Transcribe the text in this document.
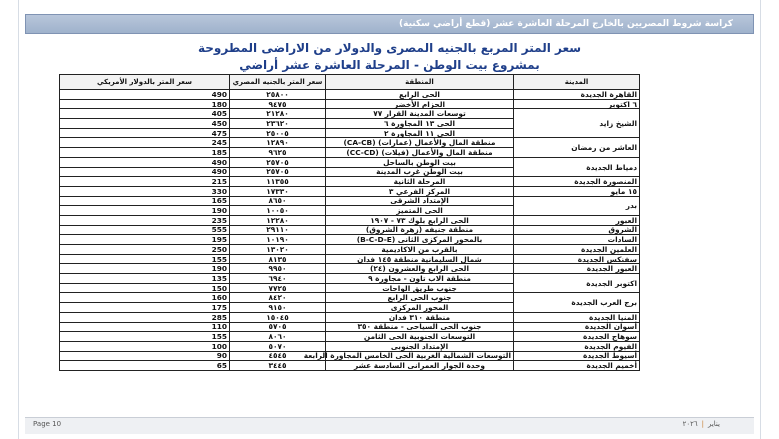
كراسة شروط المصريين بالخارج المرحلة العاشرة عشر (قطع أراضي سكنية)
سعر المتر المربع بالجنيه المصرى والدولار من الاراضى المطروحة
بمشروع بيت الوطن - المرحلة العاشرة عشر أراضي
المدينة	المنطقة	سعر المتر بالجنيه المصري	سعر المتر بالدولار الأمريكي
القاهرة الجديدة	الحى الرابع	٢٥٨٠٠	490
٦ اكتوبر	الحزام الأخضر	٩٤٧٥	180
الشيخ زايد	توسعات المدينة القرار ٧٧	٢١٢٨٠	405
	الحى ١٣ المجاورة ٦	٢٣٦٢٠	450
	الحى ١١ المجاورة ٢	٢٥٠٠٥	475
العاشر من رمضان	منطقة المال والأعمال (عمارات) (CA-CB)	١٢٨٩٠	245
	منطقة المال والأعمال (فيلات) (CC-CD)	٩٦٢٥	185
دمياط الجديدة	بيت الوطن بالساحل	٢٥٧٠٥	490
	بيت الوطن غرب المدينة	٢٥٧٠٥	490
المنصورة الجديدة	المرحلة الثانية	١١٣٥٥	215
١٥ مايو	المركز الفرعي ٣	١٧٣٣٠	330
بدر	الإمتداد الشرقى	٨٦٥٠	165
	الحى المتميز	١٠٠٥٠	190
العبور	الحى الرابع بلوك ٧٣ - ١٩٠٧	١٢٢٨٠	235
الشروق	منطقة جنيفه (زهرة الشروق)	٢٩١١٠	555
السادات	بالمحور المركزى الثانى (B-C-D-E)	١٠١٩٠	195
العلمين الجديدة	بالقرب من الاكاديمية	١٣٠٢٠	250
سفنكس الجديدة	شمال السليمانية منطقة ١٤٥ فدان	٨١٣٥	155
العبور الجديدة	الحى الرابع والعشرون (٢٤)	٩٩٥٠	190
اكتوبر الجديدة	منطقة الاب تاون - مجاورة ٩	٦٩٤٠	135
	جنوب طريق الواحات	٧٧٢٥	150
برج العرب الجديدة	جنوب الحى الرابع	٨٤٢٠	160
	المحور المركزى	٩١٥٠	175
المنيا الجديدة	منطقة ٣١٠ فدان	١٥٠٤٥	285
أسوان الجديدة	جنوب الحى السياحى - منطقة ٣٥٠	٥٧٠٥	110
سوهاج الجديدة	التوسعات الجنوبية الحى الثامن	٨٠٦٠	155
الفيوم الجديدة	الإمتداد الجنوبى	٥٠٧٠	100
أسيوط الجديدة	التوسعات الشمالية الغربية الحى الخامس المجاورة الرابعة	٤٥٤٥	90
أخميم الجديدة	وحدة الجوار العمرانى السادسة عشر	٣٤٤٥	65
Page 10	يناير|٢٠٢٦
